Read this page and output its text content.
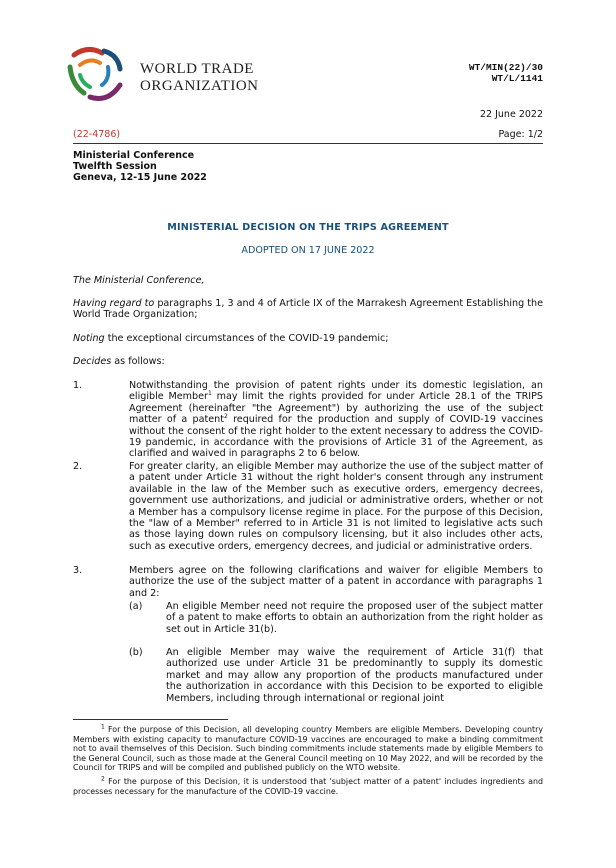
WORLD TRADE
ORGANIZATION
WT/MIN(22)/30
WT/L/1141
22 June 2022
(22-4786)	Page: 1/2
Ministerial Conference
Twelfth Session
Geneva, 12-15 June 2022
MINISTERIAL DECISION ON THE TRIPS AGREEMENT
ADOPTED ON 17 JUNE 2022
The Ministerial Conference,
Having regard to paragraphs 1, 3 and 4 of Article IX of the Marrakesh Agreement Establishing the World Trade Organization;
Noting the exceptional circumstances of the COVID-19 pandemic;
Decides as follows:
1.	Notwithstanding the provision of patent rights under its domestic legislation, an eligible Member$^1$ may limit the rights provided for under Article 28.1 of the TRIPS Agreement (hereinafter "the Agreement") by authorizing the use of the subject matter of a patent$^2$ required for the production and supply of COVID-19 vaccines without the consent of the right holder to the extent necessary to address the COVID-19 pandemic, in accordance with the provisions of Article 31 of the Agreement, as clarified and waived in paragraphs 2 to 6 below.
2.	For greater clarity, an eligible Member may authorize the use of the subject matter of a patent under Article 31 without the right holder's consent through any instrument available in the law of the Member such as executive orders, emergency decrees, government use authorizations, and judicial or administrative orders, whether or not a Member has a compulsory license regime in place. For the purpose of this Decision, the "law of a Member" referred to in Article 31 is not limited to legislative acts such as those laying down rules on compulsory licensing, but it also includes other acts, such as executive orders, emergency decrees, and judicial or administrative orders.
3.	Members agree on the following clarifications and waiver for eligible Members to authorize the use of the subject matter of a patent in accordance with paragraphs 1 and 2:
(a) An eligible Member need not require the proposed user of the subject matter of a patent to make efforts to obtain an authorization from the right holder as set out in Article 31(b).
(b) An eligible Member may waive the requirement of Article 31(f) that authorized use under Article 31 be predominantly to supply its domestic market and may allow any proportion of the products manufactured under the authorization in accordance with this Decision to be exported to eligible Members, including through international or regional joint
$^1$ For the purpose of this Decision, all developing country Members are eligible Members. Developing country Members with existing capacity to manufacture COVID-19 vaccines are encouraged to make a binding commitment not to avail themselves of this Decision. Such binding commitments include statements made by eligible Members to the General Council, such as those made at the General Council meeting on 10 May 2022, and will be recorded by the Council for TRIPS and will be compiled and published publicly on the WTO website.
$^2$ For the purpose of this Decision, it is understood that 'subject matter of a patent' includes ingredients and processes necessary for the manufacture of the COVID-19 vaccine.
